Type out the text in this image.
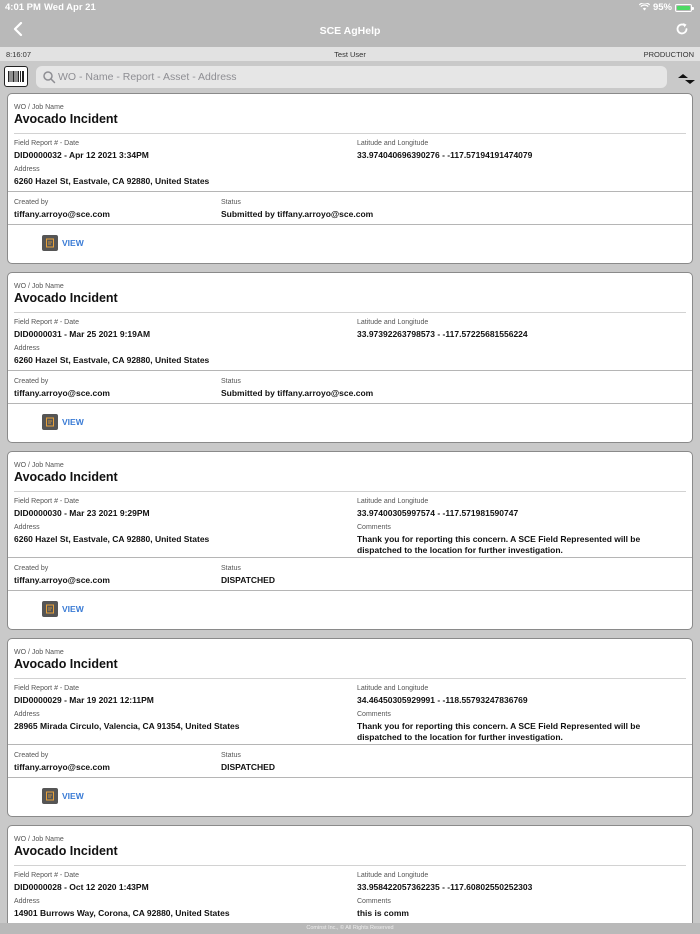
4:01 PM Wed Apr 21	95%
SCE AgHelp
8:16:07	Test User	PRODUCTION
WO - Name - Report - Asset - Address
WO / Job Name
Avocado Incident
Field Report # - Date
DID0000032 - Apr 12 2021 3:34PM
Latitude and Longitude
33.974040696390276 - -117.57194191474079
Address
6260 Hazel St, Eastvale, CA 92880, United States
Created by
tiffany.arroyo@sce.com
Status
Submitted by tiffany.arroyo@sce.com
VIEW
WO / Job Name
Avocado Incident
Field Report # - Date
DID0000031 - Mar 25 2021 9:19AM
Latitude and Longitude
33.97392263798573 - -117.57225681556224
Address
6260 Hazel St, Eastvale, CA 92880, United States
Created by
tiffany.arroyo@sce.com
Status
Submitted by tiffany.arroyo@sce.com
VIEW
WO / Job Name
Avocado Incident
Field Report # - Date
DID0000030 - Mar 23 2021 9:29PM
Latitude and Longitude
33.97400305997574 - -117.571981590747
Address
6260 Hazel St, Eastvale, CA 92880, United States
Comments
Thank you for reporting this concern. A SCE Field Represented will be dispatched to the location for further investigation.
Created by
tiffany.arroyo@sce.com
Status
DISPATCHED
VIEW
WO / Job Name
Avocado Incident
Field Report # - Date
DID0000029 - Mar 19 2021 12:11PM
Latitude and Longitude
34.46450305929991 - -118.55793247836769
Address
28965 Mirada Circulo, Valencia, CA 91354, United States
Comments
Thank you for reporting this concern. A SCE Field Represented will be dispatched to the location for further investigation.
Created by
tiffany.arroyo@sce.com
Status
DISPATCHED
VIEW
WO / Job Name
Avocado Incident
Field Report # - Date
DID0000028 - Oct 12 2020 1:43PM
Latitude and Longitude
33.958422057362235 - -117.60802550252303
Address
14901 Burrows Way, Corona, CA 92880, United States
Comments
this is comm
Cominst Inc., © All Rights Reserved
